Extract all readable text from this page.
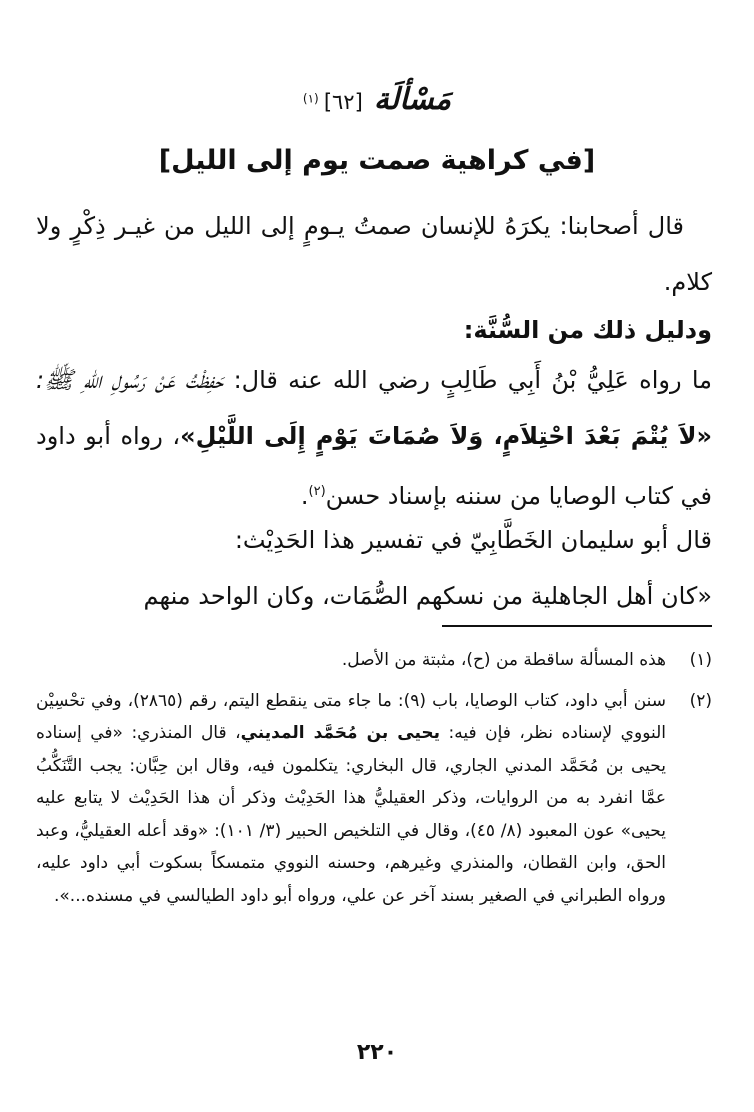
مَسْألَة [٦٢] $^{(١)}$
[في كراهية صمت يوم إلى الليل]
قال أصحابنا: يكرَهُ للإنسان صمتُ يـومٍ إلى الليل من غيـر ذِكْرٍ ولا كلام.
ودليل ذلك من السُّنَّة:
ما رواه عَلِيُّ بْنُ أَبِي طَالِبٍ رضي الله عنه قال: حَفِظْتُ عَنْ رَسُولِ اللهِ ﷺ: «لاَ يُتْمَ بَعْدَ احْتِلاَمٍ، وَلاَ صُمَاتَ يَوْمٍ إِلَى اللَّيْلِ»، رواه أبو داود في كتاب الوصايا من سننه بإسناد حسن$^{(٢)}$.
قال أبو سليمان الخَطَّابِيّ في تفسير هذا الحَدِيْث:
«كان أهل الجاهلية من نسكهم الصُّمَات، وكان الواحد منهم
(١)
هذه المسألة ساقطة من (ح)، مثبتة من الأصل.
(٢)
سنن أبي داود، كتاب الوصايا، باب (٩): ما جاء متى ينقطع اليتم، رقم (٢٨٦٥)، وفي تحْسِيْن النووي لإسناده نظر، فإن فيه: يحيى بن مُحَمَّد المديني، قال المنذري: «في إسناده يحيى بن مُحَمَّد المدني الجاري، قال البخاري: يتكلمون فيه، وقال ابن حِبَّان: يجب التَّنَكُّبُ عمَّا انفرد به من الروايات، وذكر العقيليُّ هذا الحَدِيْث وذكر أن هذا الحَدِيْث لا يتابع عليه يحيى» عون المعبود (٨/ ٤٥)، وقال في التلخيص الحبير (٣/ ١٠١): «وقد أعله العقيليُّ، وعبد الحق، وابن القطان، والمنذري وغيرهم، وحسنه النووي متمسكاً بسكوت أبي داود عليه، ورواه الطبراني في الصغير بسند آخر عن علي، ورواه أبو داود الطيالسي في مسنده...».
٢٢٠
